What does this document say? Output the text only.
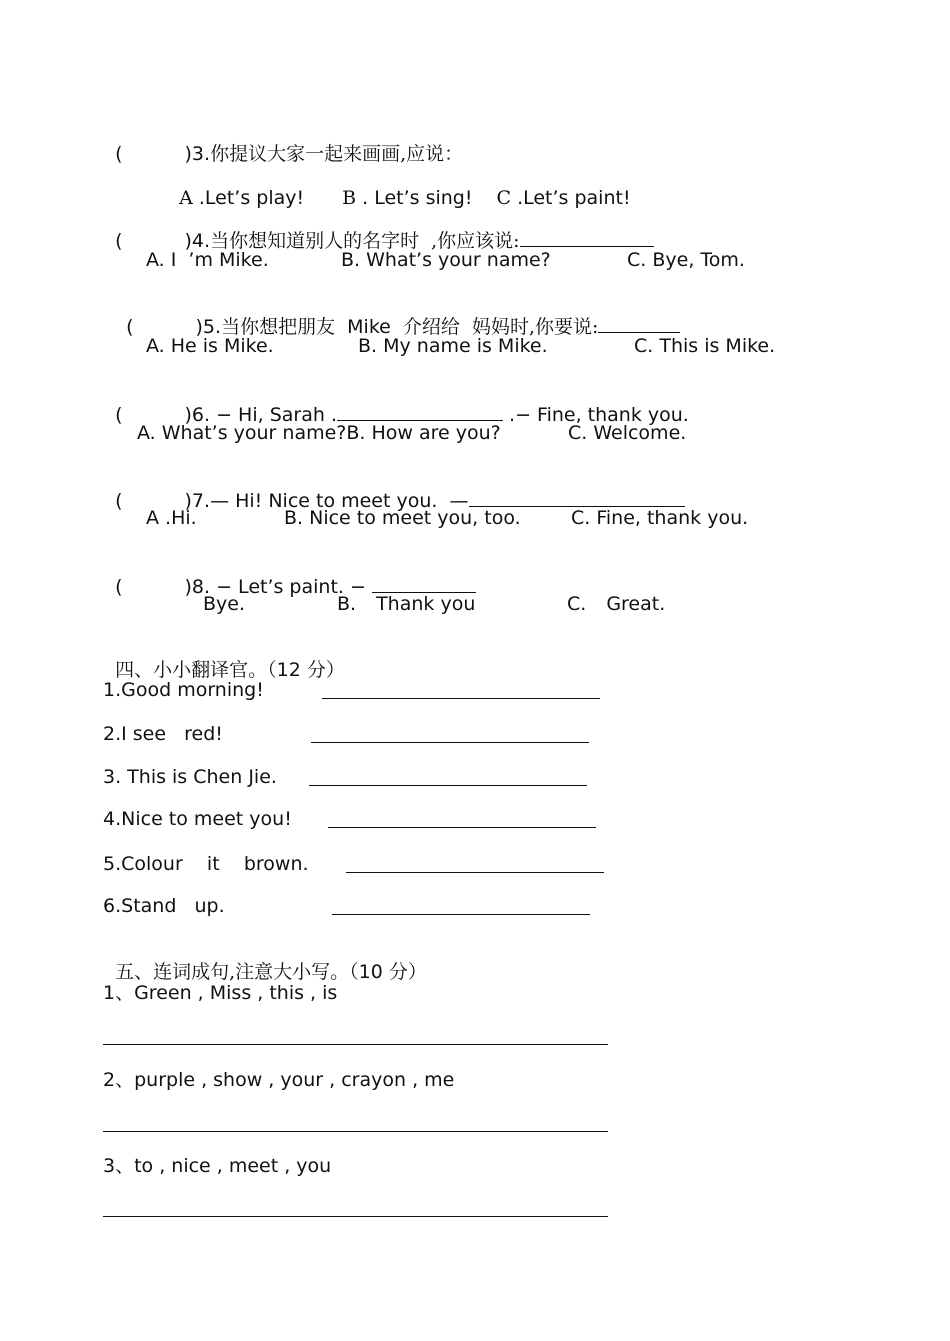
(	)3.你提议大家一起来画画,应说：

A .Let’s play! B . Let’s sing! C .Let’s paint!

(	)4.当你想知道别人的名字时  ,你应该说:

A. I  ’m Mike.	B. What’s your name?	C. Bye, Tom.

(	)5.当你想把朋友  Mike  介绍给  妈妈时,你要说:

A. He is Mike.	B. My name is Mike.	C. This is Mike.

(	)6. − Hi, Sarah .	.− Fine, thank you.

A. What’s your name?B. How are you?	C. Welcome.

(	)7.— Hi! Nice to meet you.  —

A .Hi.	B. Nice to meet you, too.	C. Fine, thank you.

(	)8. − Let’s paint. −

Bye.	B. Thank you	C. Great.

四、小小翻译官。（12 分）

1.Good morning!
2.I see   red!
3. This is Chen Jie.
4.Nice to meet you!
5.Colour    it    brown.
6.Stand   up.

五、连词成句,注意大小写。（10 分）

1、Green , Miss , this , is
2、purple , show , your , crayon , me
3、to , nice , meet , you
